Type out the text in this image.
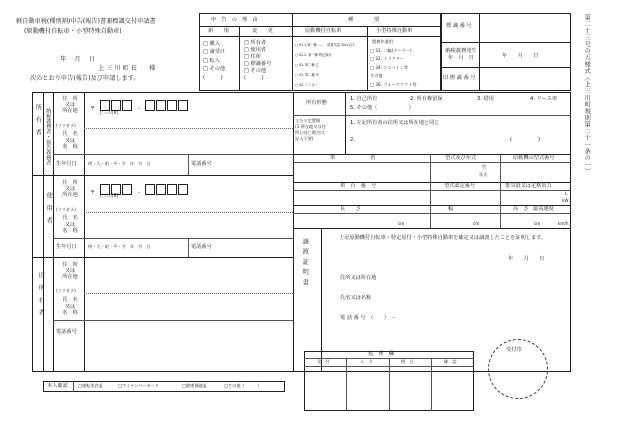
軽自動車税(種別割)申告(報告)書兼標識交付申請書
(原動機付自転車・小型特殊自動車)
年　月　日
上 三 川 町 長　　様
次のとおり申告(報告)及び申請します。
申　告　の　理　由
新　　規	変　　更
□ 購入
□ 譲受け
□ 転入
□ その他
(　　　)
□ 所有者
□ 使用者
□ 住所
□ 標識番号
□ その他
(　　　)
種　　　　別
原動機付自転車	小型特殊自動車
□ 01.1 第一種 ……　総排気量 50cc以下
□ 01-2. 第一種 特定原付
□ 02. 第二種 乙
□ 03. 第二種 甲
□ 42. ミニカー
農耕作業用
□ 31. 二輪(デーラー)
□ 32. トラクター
□ 34. コンバイン等
その他
□ 36. フォークリフト等
標 識 番 号
納税義務発生年　月　日	年　　月　　日
旧 標 識 番 号	第二十三号の五様式（上三川町規則第二十一条の一）
所　有　者 納税義務者・報告義務者
住　所
又は
所在地	〒	-
上三川町
(フリガナ)
氏　名
又は
名　称
生年月日	明・大・昭・平・令　年　月　日	電話番号
使　用　者
住　所
又は
所在地	〒	-
上三川町
(フリガナ)
氏　名
又は
名　称
生年月日	明・大・昭・平・令　年　月　日	電話番号
旧　所　有　者
住　所
又は
所在地
(フリガナ)
氏　名
又は
名　称
電話番号
所有形態
1. 自己所有	2. 所有権留保	3. 借用	4. リース車
5. その他（　　　　　　）
主たる定置場
(1.所在地又は住
所と同じ場合は
記入不要)
1. 左記所有者の住所又は所在地と同じ
2.	(　　　　　)
車	名	型式及び年式	原動機の型式番号
型
年式
車　台　番　号	型式認定番号	排気量又は定格出力
L
kW
長　　さ	幅	高　さ 最高速度
cm	cm	cm	km/h
譲渡証明書	上記原動機付自転車・特定原付・小型特殊自動車を確定又は譲渡したことを証明します。
年　　月　　日
住所又は所在地
氏名又は名称
電 話 番 号　（　　）　－
処　理　欄
受　付	入　力	照　合	確　認
受付印
本人確認 □運転免許証	□マイナンバーカード	□健康保険証	□その他（　　　）
